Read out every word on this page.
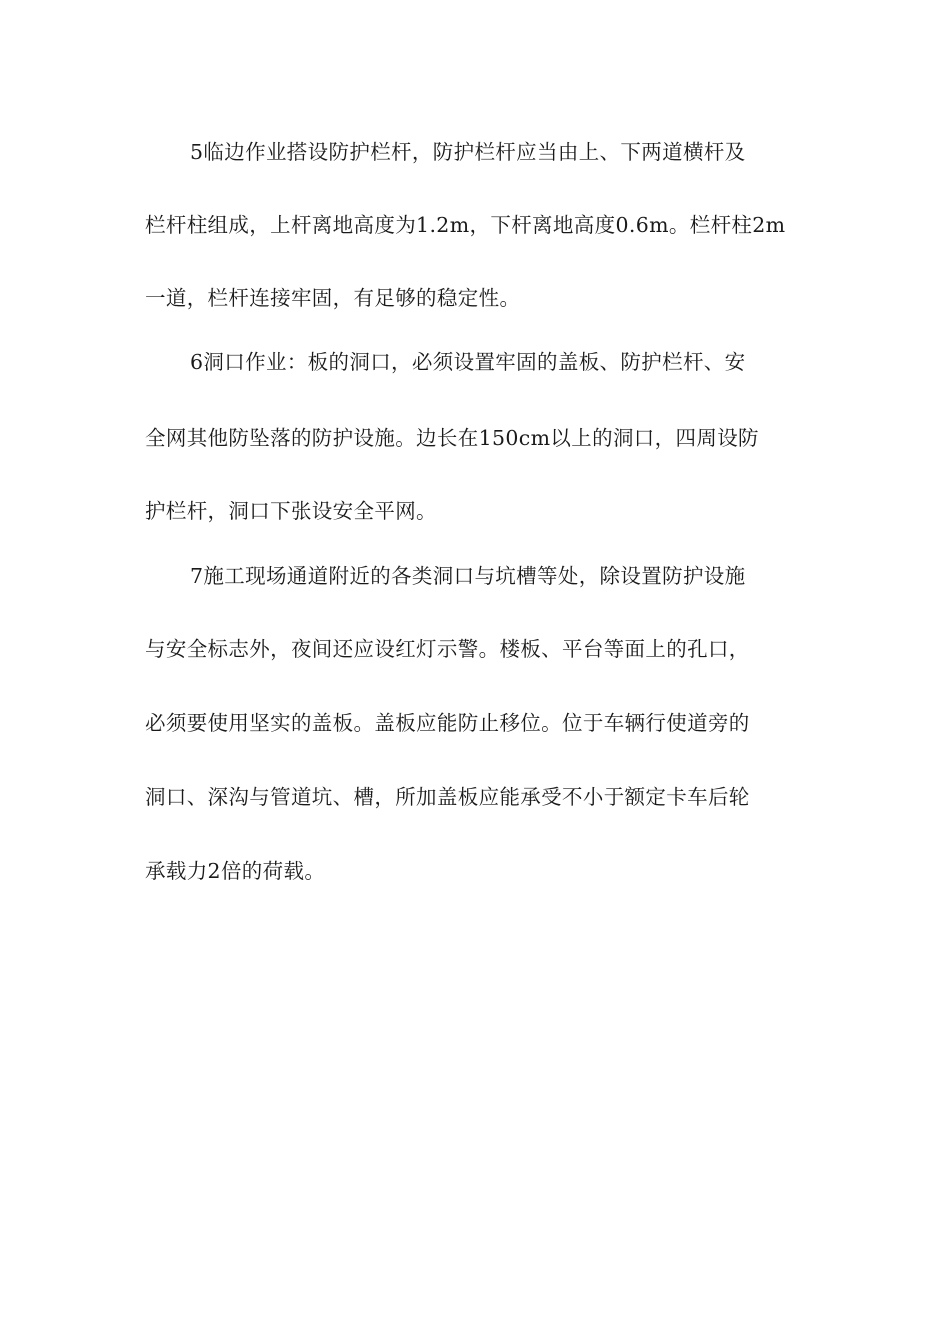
5临边作业搭设防护栏杆，防护栏杆应当由上、下两道横杆及
栏杆柱组成，上杆离地高度为1.2m，下杆离地高度0.6m。栏杆柱2m
一道，栏杆连接牢固，有足够的稳定性。
6洞口作业：板的洞口，必须设置牢固的盖板、防护栏杆、安
全网其他防坠落的防护设施。边长在150cm以上的洞口，四周设防
护栏杆，洞口下张设安全平网。
7施工现场通道附近的各类洞口与坑槽等处，除设置防护设施
与安全标志外，夜间还应设红灯示警。楼板、平台等面上的孔口，
必须要使用坚实的盖板。盖板应能防止移位。位于车辆行使道旁的
洞口、深沟与管道坑、槽，所加盖板应能承受不小于额定卡车后轮
承载力2倍的荷载。
